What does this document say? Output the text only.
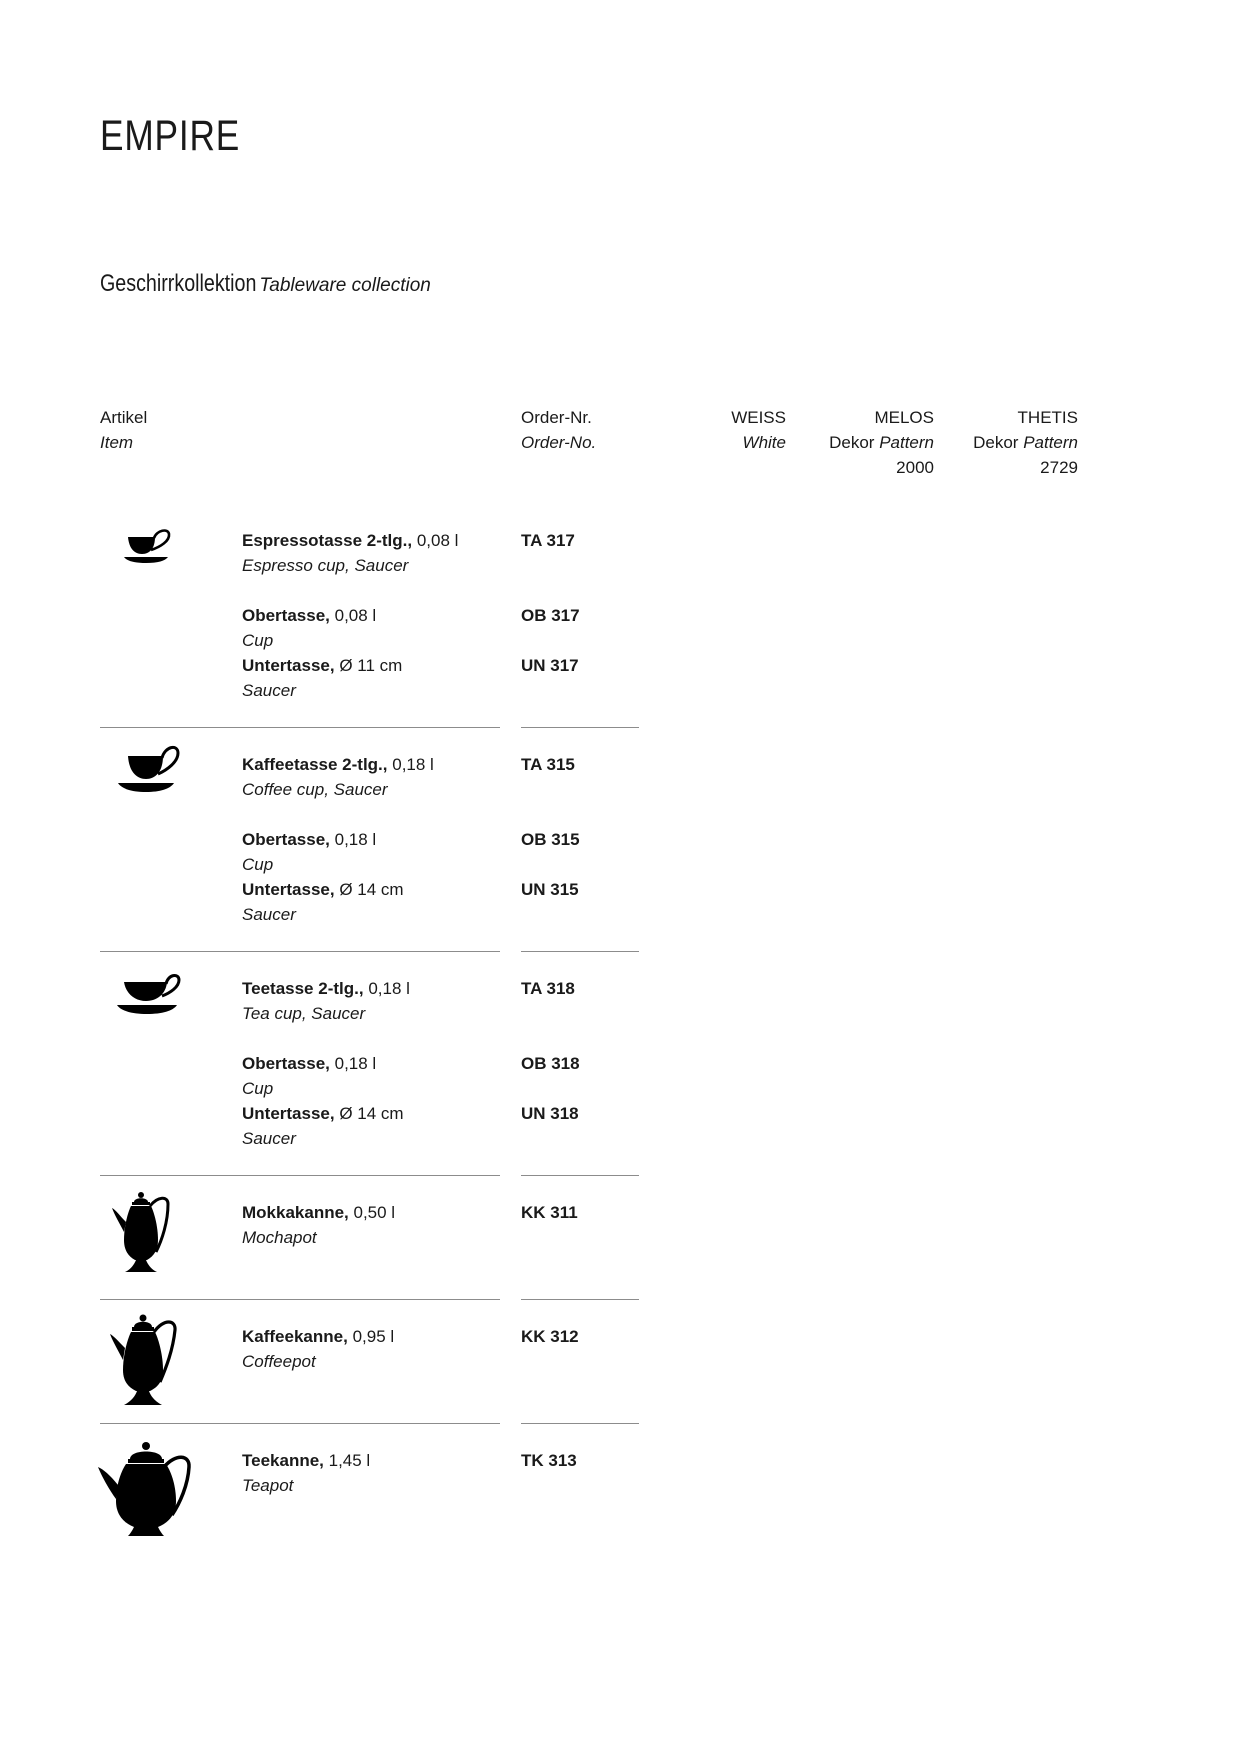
EMPIRE
Geschirrkollektion Tableware collection
Artikel
Item
Order-Nr.
Order-No.
WEISS
White
MELOS
Dekor Pattern
2000
THETIS
Dekor Pattern
2729
Espressotasse 2-tlg., 0,08 l
Espresso cup, Saucer
TA 317
Obertasse, 0,08 l
Cup
OB 317
Untertasse, Ø 11 cm
Saucer
UN 317
Kaffeetasse 2-tlg., 0,18 l
Coffee cup, Saucer
TA 315
Obertasse, 0,18 l
Cup
OB 315
Untertasse, Ø 14 cm
Saucer
UN 315
Teetasse 2-tlg., 0,18 l
Tea cup, Saucer
TA 318
Obertasse, 0,18 l
Cup
OB 318
Untertasse, Ø 14 cm
Saucer
UN 318
Mokkakanne, 0,50 l
Mochapot
KK 311
Kaffeekanne, 0,95 l
Coffeepot
KK 312
Teekanne, 1,45 l
Teapot
TK 313
